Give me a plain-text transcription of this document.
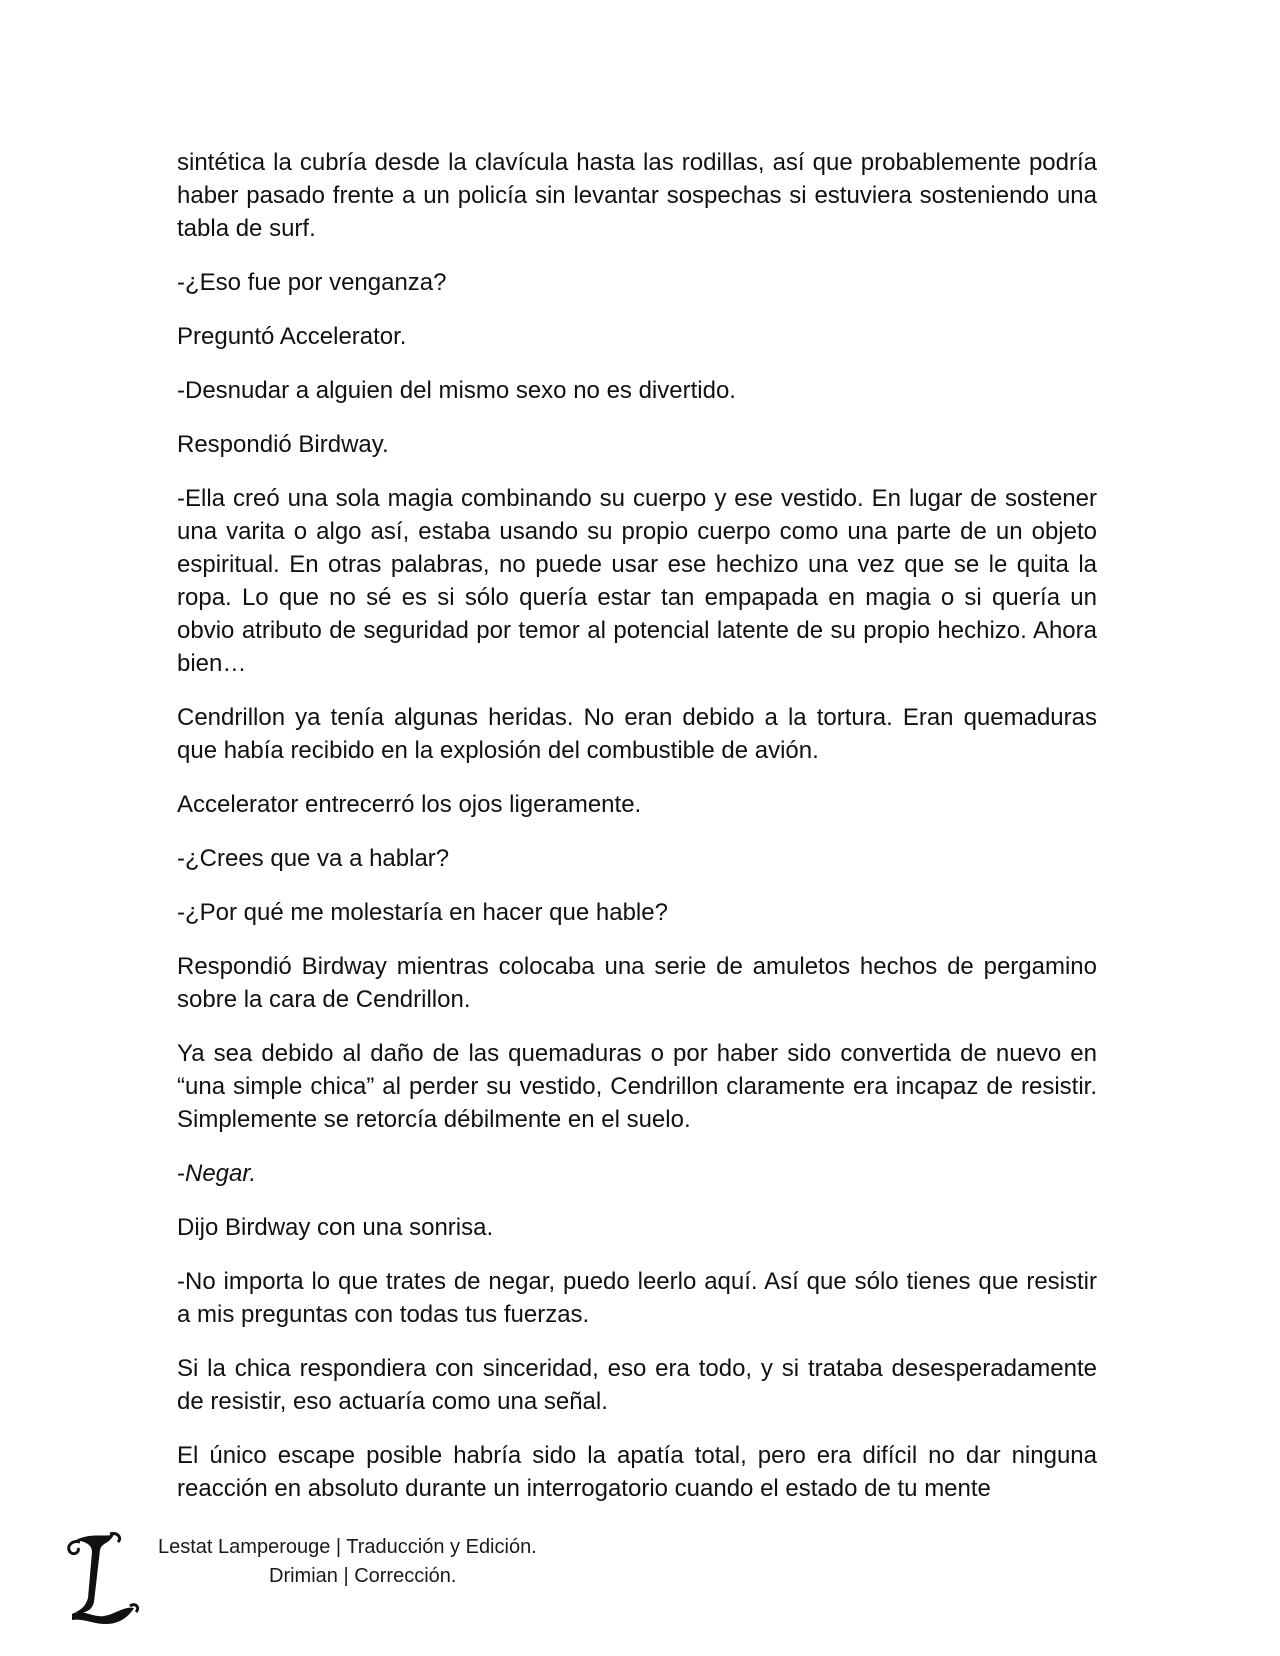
sintética la cubría desde la clavícula hasta las rodillas, así que probablemente podría haber pasado frente a un policía sin levantar sospechas si estuviera sosteniendo una tabla de surf.

-¿Eso fue por venganza?

Preguntó Accelerator.

-Desnudar a alguien del mismo sexo no es divertido.

Respondió Birdway.

-Ella creó una sola magia combinando su cuerpo y ese vestido. En lugar de sostener una varita o algo así, estaba usando su propio cuerpo como una parte de un objeto espiritual. En otras palabras, no puede usar ese hechizo una vez que se le quita la ropa. Lo que no sé es si sólo quería estar tan empapada en magia o si quería un obvio atributo de seguridad por temor al potencial latente de su propio hechizo. Ahora bien…

Cendrillon ya tenía algunas heridas. No eran debido a la tortura. Eran quemaduras que había recibido en la explosión del combustible de avión.

Accelerator entrecerró los ojos ligeramente.

-¿Crees que va a hablar?

-¿Por qué me molestaría en hacer que hable?

Respondió Birdway mientras colocaba una serie de amuletos hechos de pergamino sobre la cara de Cendrillon.

Ya sea debido al daño de las quemaduras o por haber sido convertida de nuevo en “una simple chica” al perder su vestido, Cendrillon claramente era incapaz de resistir. Simplemente se retorcía débilmente en el suelo.

-Negar.

Dijo Birdway con una sonrisa.

-No importa lo que trates de negar, puedo leerlo aquí. Así que sólo tienes que resistir a mis preguntas con todas tus fuerzas.

Si la chica respondiera con sinceridad, eso era todo, y si trataba desesperadamente de resistir, eso actuaría como una señal.

El único escape posible habría sido la apatía total, pero era difícil no dar ninguna reacción en absoluto durante un interrogatorio cuando el estado de tu mente

Lestat Lamperouge | Traducción y Edición.
Drimian | Corrección.
